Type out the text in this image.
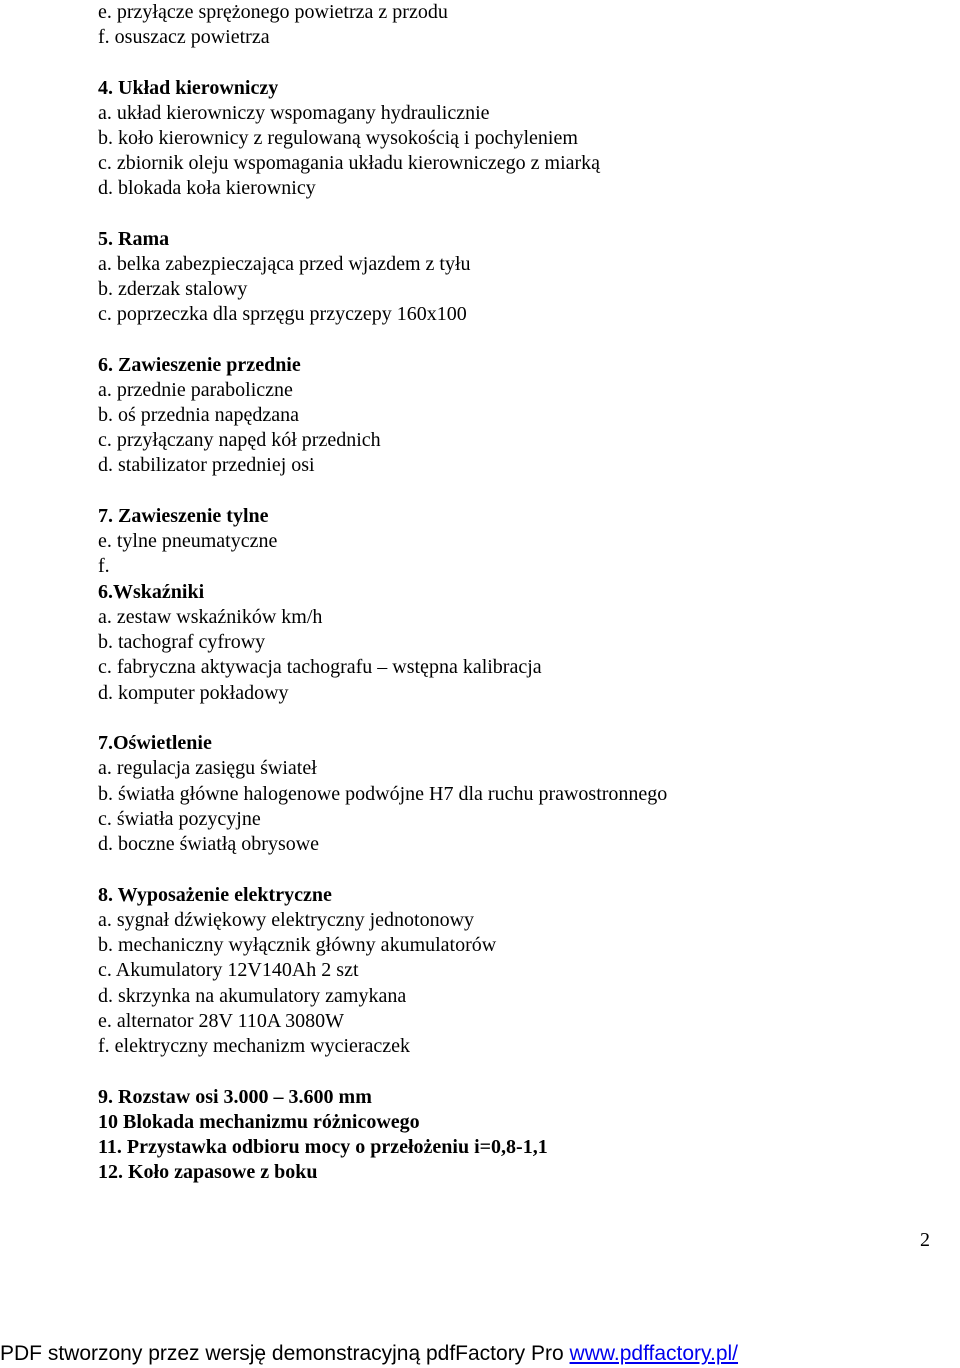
e. przyłącze sprężonego powietrza z przodu
f. osuszacz powietrza
4. Układ kierowniczy
a. układ kierowniczy wspomagany hydraulicznie
b. koło kierownicy z regulowaną wysokością i pochyleniem
c. zbiornik oleju wspomagania układu kierowniczego z miarką
d. blokada koła kierownicy
5. Rama
a. belka zabezpieczająca przed wjazdem z tyłu
b. zderzak stalowy
c. poprzeczka dla sprzęgu przyczepy 160x100
6. Zawieszenie przednie
a. przednie paraboliczne
b. oś przednia napędzana
c. przyłączany napęd kół przednich
d. stabilizator przedniej osi
7. Zawieszenie tylne
e. tylne pneumatyczne
f.
6.Wskaźniki
a. zestaw wskaźników km/h
b. tachograf cyfrowy
c. fabryczna aktywacja tachografu – wstępna kalibracja
d. komputer pokładowy
7.Oświetlenie
a. regulacja zasięgu świateł
b. światła główne halogenowe podwójne H7 dla ruchu prawostronnego
c. światła pozycyjne
d. boczne światłą obrysowe
8. Wyposażenie elektryczne
a. sygnał dźwiękowy elektryczny jednotonowy
b. mechaniczny wyłącznik główny akumulatorów
c. Akumulatory 12V140Ah 2 szt
d. skrzynka na akumulatory zamykana
e. alternator 28V 110A 3080W
f. elektryczny mechanizm wycieraczek
9. Rozstaw osi 3.000 – 3.600 mm
10 Blokada mechanizmu różnicowego
11. Przystawka odbioru mocy o przełożeniu i=0,8-1,1
12. Koło zapasowe z boku
2
PDF stworzony przez wersję demonstracyjną pdfFactory Pro www.pdffactory.pl/
